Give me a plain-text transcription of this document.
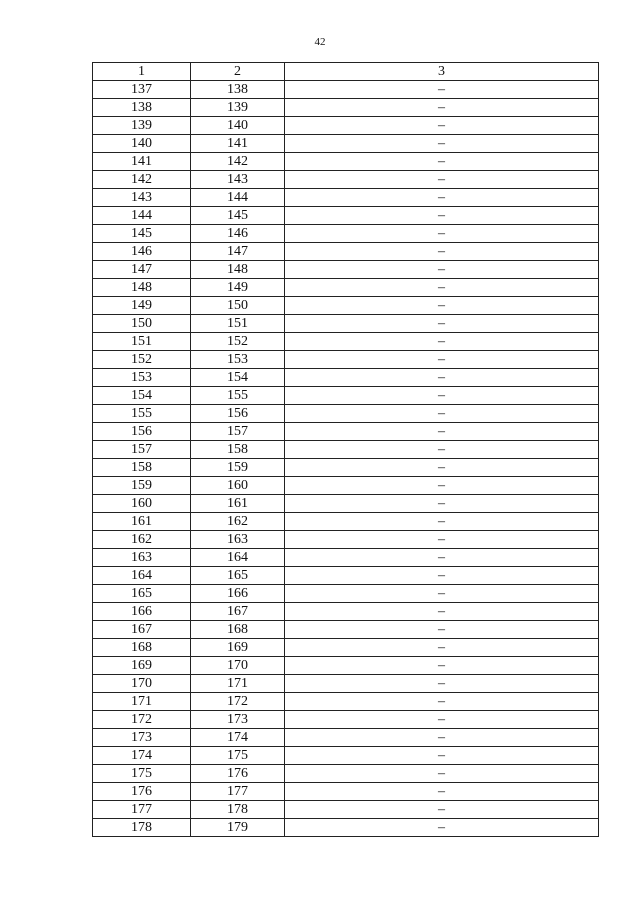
42
1	2	3
137	138	–
138	139	–
139	140	–
140	141	–
141	142	–
142	143	–
143	144	–
144	145	–
145	146	–
146	147	–
147	148	–
148	149	–
149	150	–
150	151	–
151	152	–
152	153	–
153	154	–
154	155	–
155	156	–
156	157	–
157	158	–
158	159	–
159	160	–
160	161	–
161	162	–
162	163	–
163	164	–
164	165	–
165	166	–
166	167	–
167	168	–
168	169	–
169	170	–
170	171	–
171	172	–
172	173	–
173	174	–
174	175	–
175	176	–
176	177	–
177	178	–
178	179	–
